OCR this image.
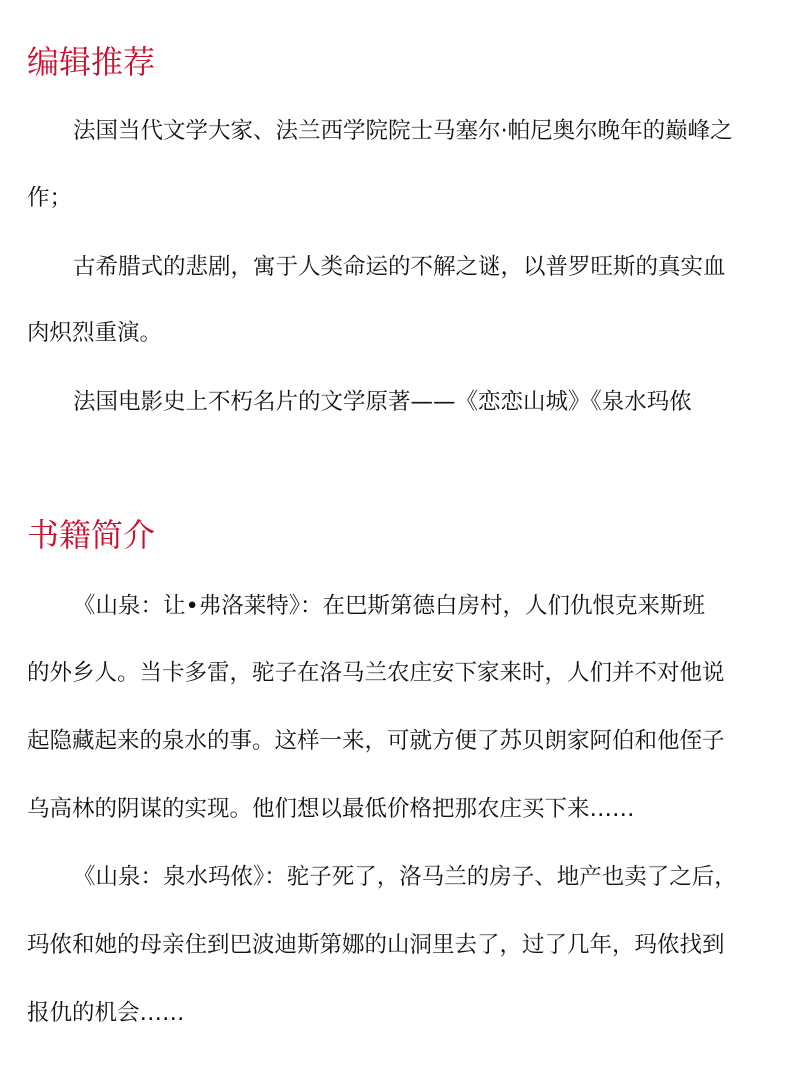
编辑推荐

法国当代文学大家、法兰西学院院士马塞尔·帕尼奥尔晚年的巅峰之

作；

古希腊式的悲剧，寓于人类命运的不解之谜，以普罗旺斯的真实血

肉炽烈重演。

法国电影史上不朽名片的文学原著——《恋恋山城》《泉水玛侬

书籍简介

《山泉：让•弗洛莱特》：在巴斯第德白房村，人们仇恨克来斯班

的外乡人。当卡多雷，驼子在洛马兰农庄安下家来时，人们并不对他说

起隐藏起来的泉水的事。这样一来，可就方便了苏贝朗家阿伯和他侄子

乌高林的阴谋的实现。他们想以最低价格把那农庄买下来……

《山泉：泉水玛侬》：驼子死了，洛马兰的房子、地产也卖了之后，

玛侬和她的母亲住到巴波迪斯第娜的山洞里去了，过了几年，玛侬找到

报仇的机会……
